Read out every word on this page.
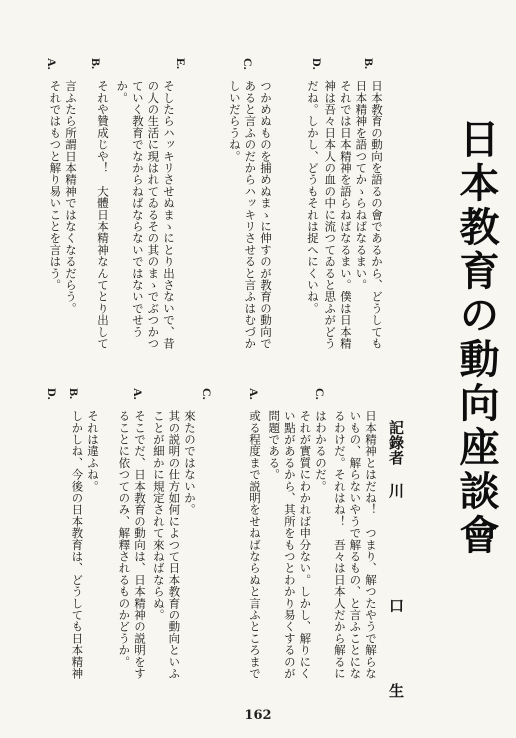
日本教育の動向座談會
記錄者川口生
B.
D.
C.
E.
B.
A.
日本教育の動向を語るの會であるから、どうしても
日本精神を語つてかゝらねばなるまい。
それでは日本精神を語らねばなるまい。僕は日本精
神は吾々日本人の血の中に流つてゐると思ふがどう
だね。しかし、どうもそれは捉へにくいね。
つかめぬものを捕めぬまゝに伸すのが教育の動向で
あると言ふのだからハッキリさせると言ふはむづか
しいだらうね。
そしたらハッキリさせぬまゝにとり出さないで、昔
の人の生活に現はれてゐるその其のまゝでぶつかつ
ていく教育でなからねばならないではないでせう
か。
それや贊成じや！　大體日本精神なんてとり出して
言ふたら所謂日本精神ではなくなるだらう。
それではもつと解り易いことを言はう。
C.
A.
C.
A.
B.
D.
日本精神とはだね！　つまり、解つたやうで解らな
いもの、解らないやうで解るもの、と言ふことにな
るわけだ。それはね！　吾々は日本人だから解るに
はわかるのだ。
それが實質にわかれば申分ない。しかし、解りにく
い點があるから、其所をもつとわかり易くするのが
問題である。
或る程度まで説明をせねばならぬと言ふところまで
來たのではないか。
其の説明の仕方如何によつて日本教育の動向といふ
ことが細かに規定されて來ねばならぬ。
そこでだ、日本教育の動向は、日本精神の説明をす
ることに依つてのみ、解釋されるものかどうか。
それは違ふね。
しかしね、今後の日本教育は、どうしても日本精神
162
